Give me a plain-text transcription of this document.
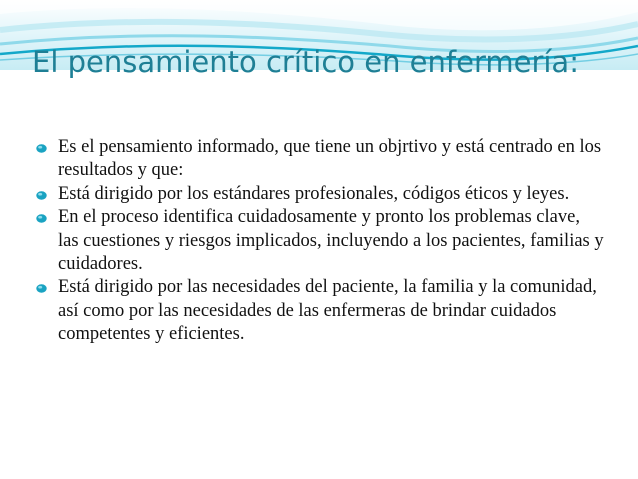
El pensamiento crítico en enfermería:
Es el pensamiento informado, que tiene un objrtivo y está centrado en los resultados y que:
Está dirigido por los estándares profesionales, códigos éticos y leyes.
En el proceso identifica cuidadosamente y pronto los problemas clave, las cuestiones y riesgos implicados, incluyendo a los pacientes, familias y cuidadores.
Está dirigido por las necesidades del paciente, la familia y la comunidad, así como por las necesidades de las enfermeras de brindar cuidados competentes y eficientes.
